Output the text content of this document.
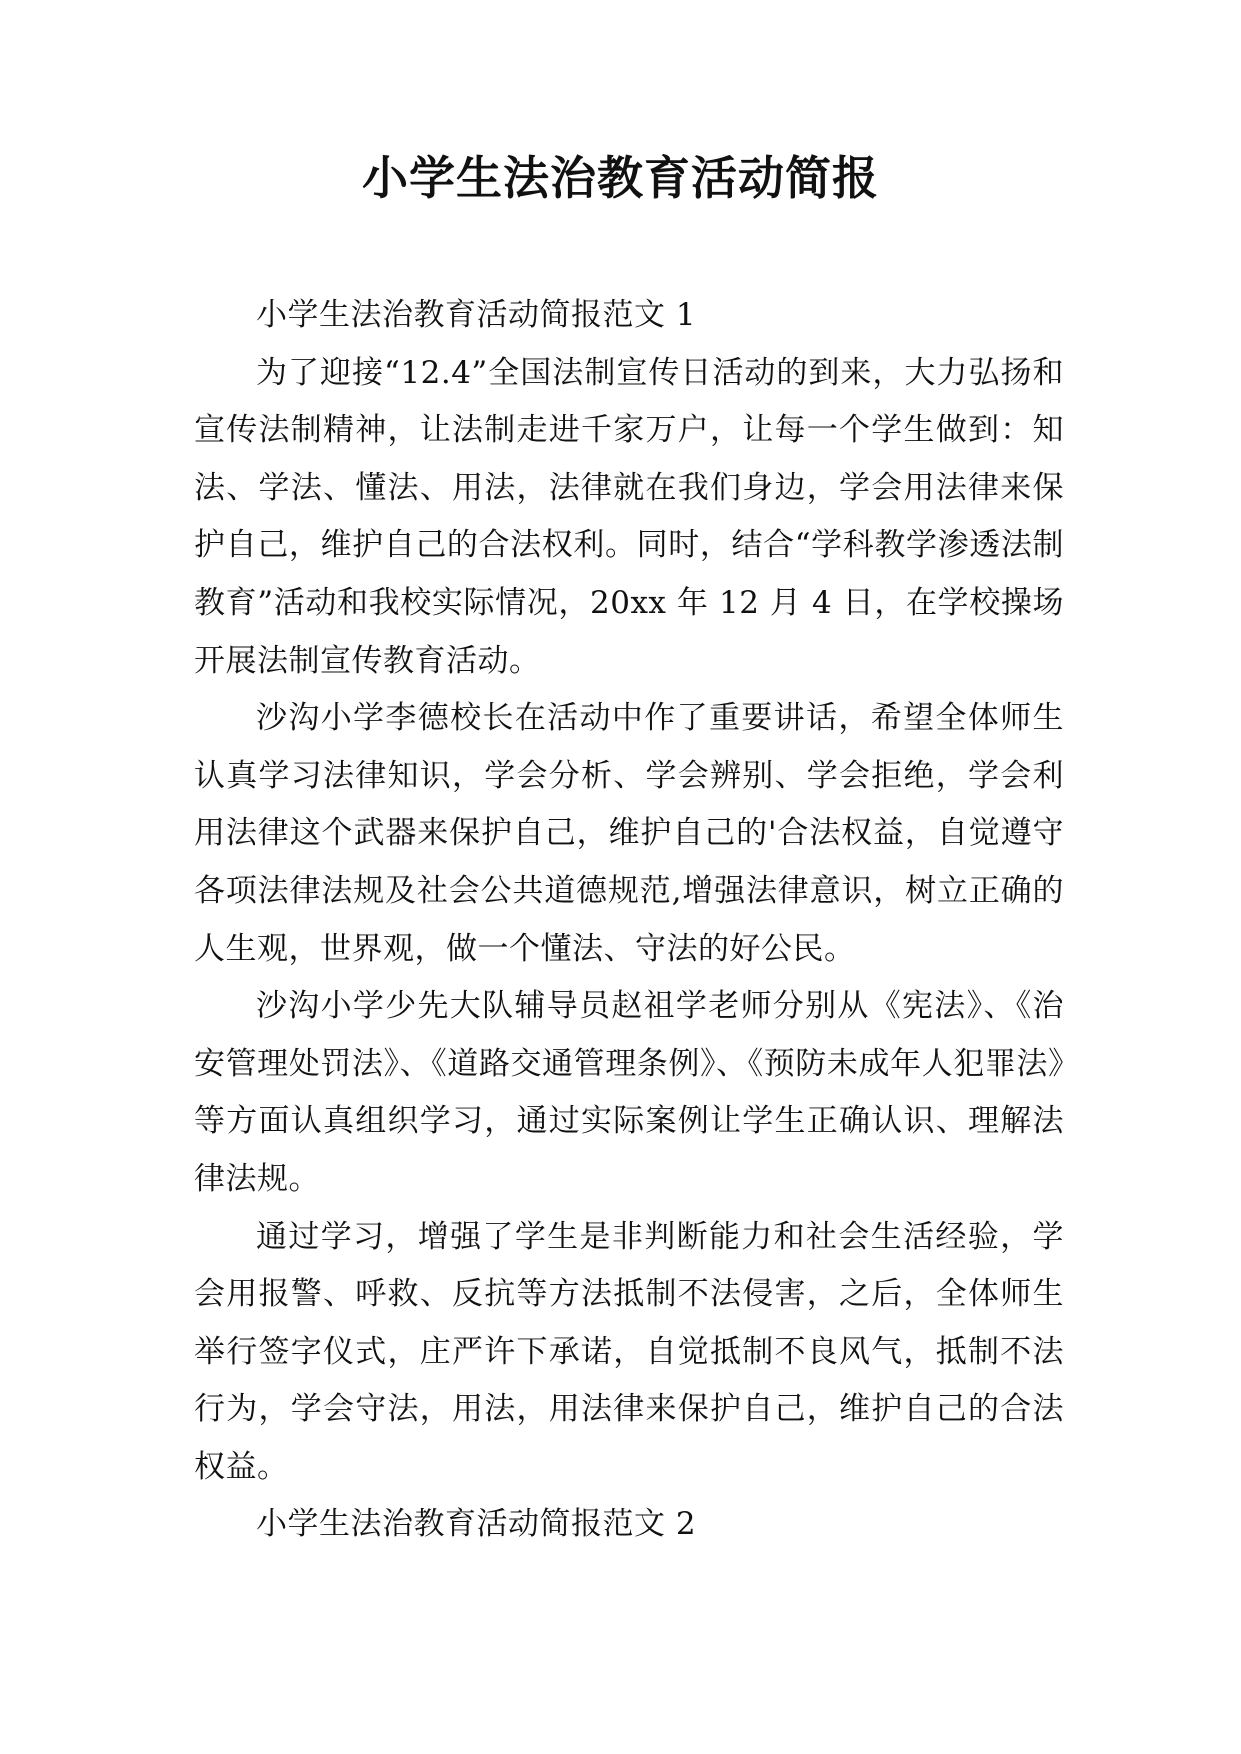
小学生法治教育活动简报

小学生法治教育活动简报范文 1

为了迎接“12.4”全国法制宣传日活动的到来，大力弘扬和宣传法制精神，让法制走进千家万户，让每一个学生做到：知法、学法、懂法、用法，法律就在我们身边，学会用法律来保护自己，维护自己的合法权利。同时，结合“学科教学渗透法制教育”活动和我校实际情况，20xx 年 12 月 4 日，在学校操场开展法制宣传教育活动。

沙沟小学李德校长在活动中作了重要讲话，希望全体师生认真学习法律知识，学会分析、学会辨别、学会拒绝，学会利用法律这个武器来保护自己，维护自己的'合法权益，自觉遵守各项法律法规及社会公共道德规范,增强法律意识，树立正确的人生观，世界观，做一个懂法、守法的好公民。

沙沟小学少先大队辅导员赵祖学老师分别从《宪法》、《治安管理处罚法》、《道路交通管理条例》、《预防未成年人犯罪法》等方面认真组织学习，通过实际案例让学生正确认识、理解法律法规。

通过学习，增强了学生是非判断能力和社会生活经验，学会用报警、呼救、反抗等方法抵制不法侵害，之后，全体师生举行签字仪式，庄严许下承诺，自觉抵制不良风气，抵制不法行为，学会守法，用法，用法律来保护自己，维护自己的合法权益。

小学生法治教育活动简报范文 2
